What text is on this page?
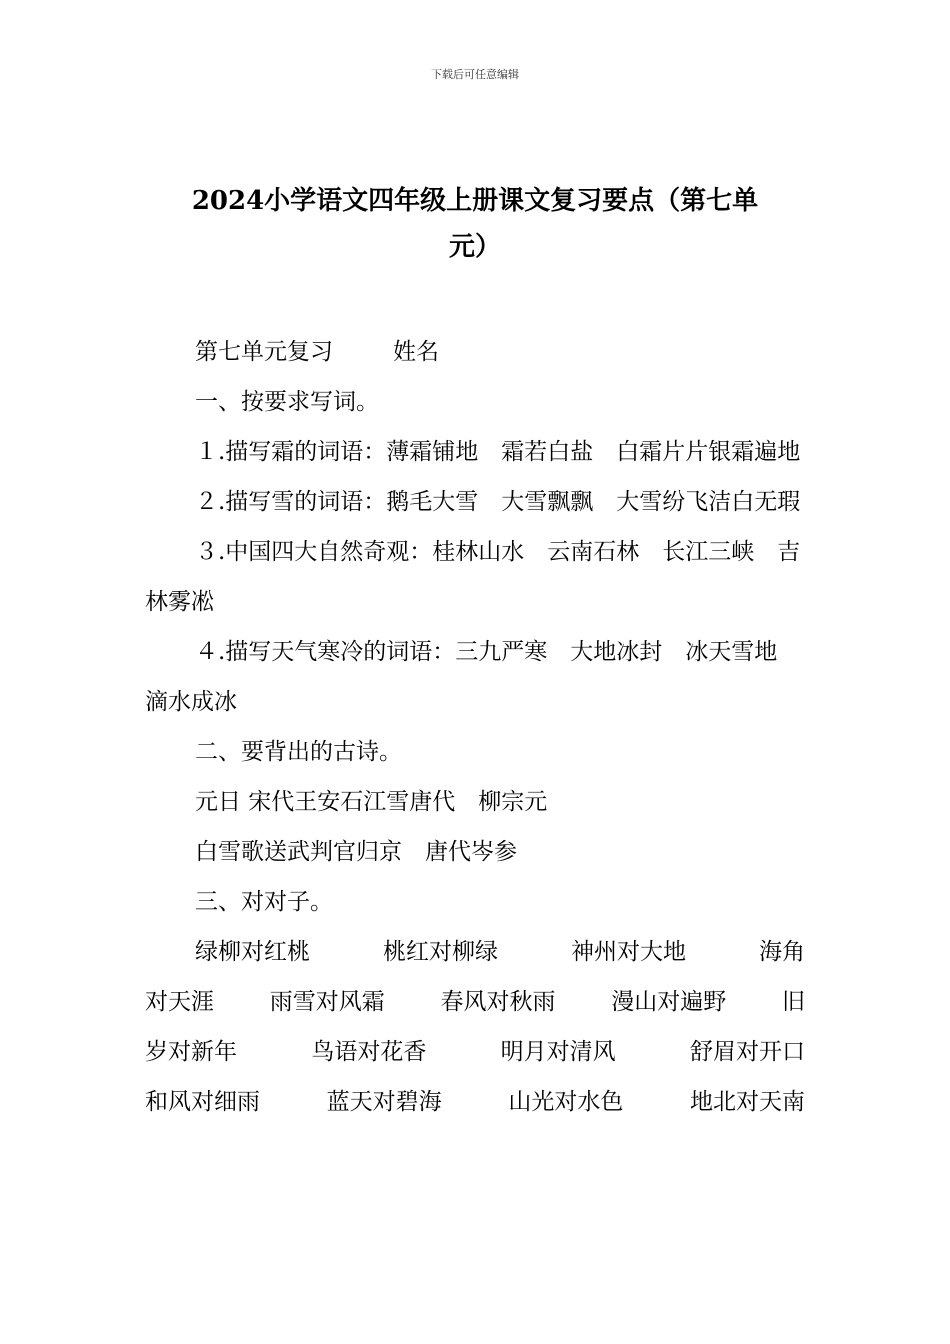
下载后可任意编辑
2024小学语文四年级上册课文复习要点（第七单
元）

第七单元复习	姓名

一、按要求写词。

１.描写霜的词语：薄霜铺地　霜若白盐　白霜片片银霜遍地

２.描写雪的词语：鹅毛大雪　大雪飘飘　大雪纷飞洁白无瑕

３.中国四大自然奇观：桂林山水　云南石林　长江三峡　吉林雾凇

４.描写天气寒冷的词语：三九严寒　大地冰封　冰天雪地　滴水成冰

二、要背出的古诗。

元日 宋代王安石江雪唐代　柳宗元

白雪歌送武判官归京　唐代岑参

三、对对子。

绿柳对红桃	桃红对柳绿	神州对大地	海角
对天涯 雨雪对风霜 春风对秋雨 漫山对遍野 旧
岁对新年	鸟语对花香	明月对清风	舒眉对开口
和风对细雨	蓝天对碧海	山光对水色	地北对天南
